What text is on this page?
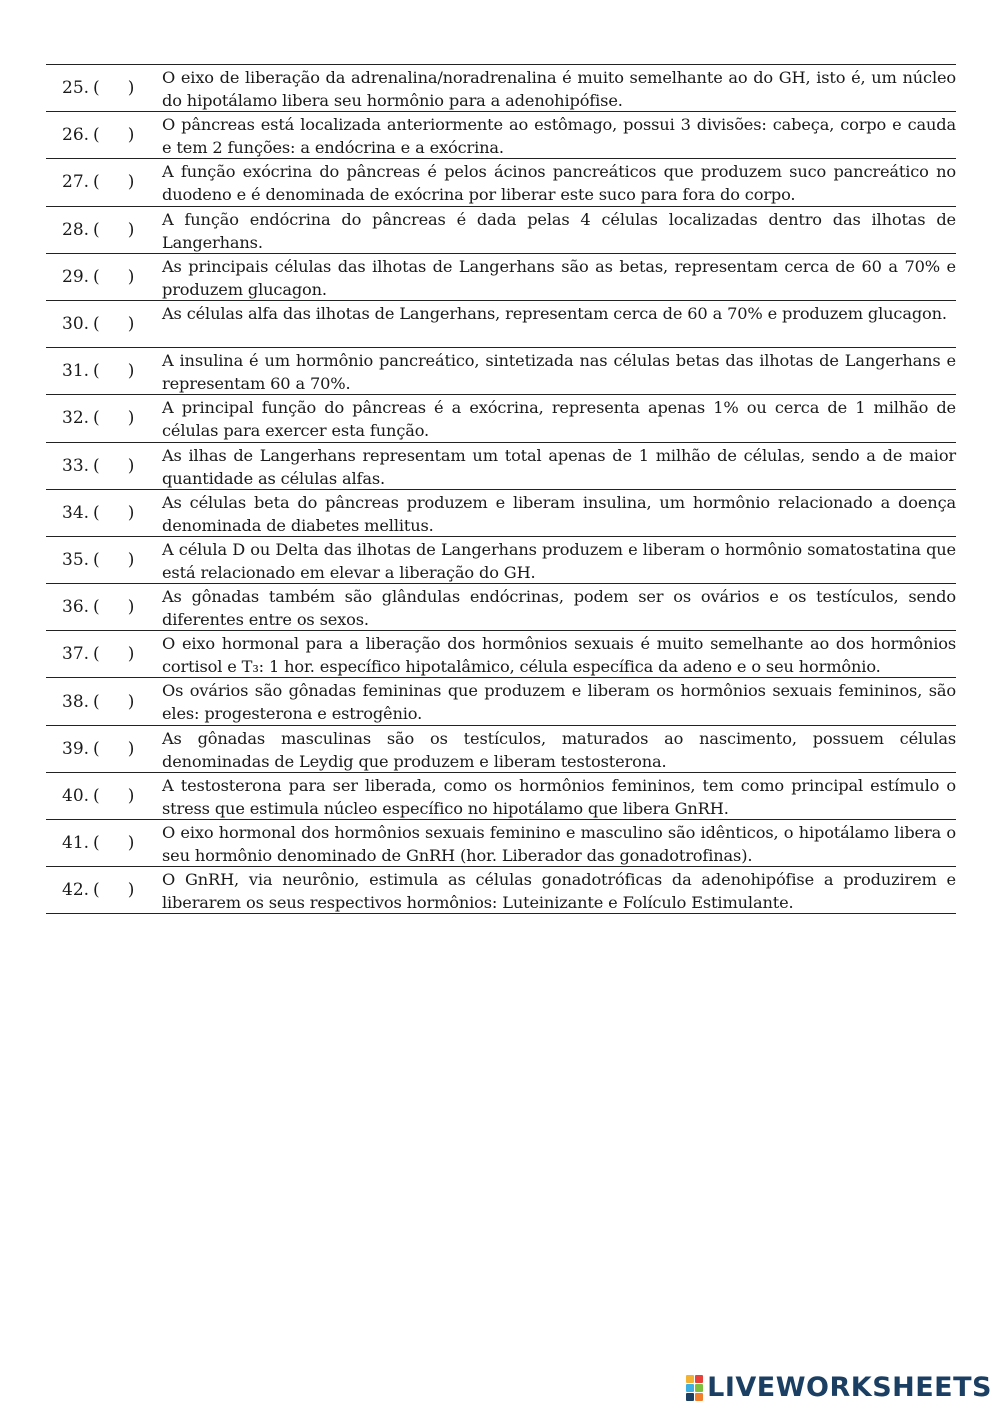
25. ( )
O eixo de liberação da adrenalina/noradrenalina é muito semelhante ao do GH, isto é, um núcleo do hipotálamo libera seu hormônio para a adenohipófise.
26. ( )
O pâncreas está localizada anteriormente ao estômago, possui 3 divisões: cabeça, corpo e cauda e tem 2 funções: a endócrina e a exócrina.
27. ( )
A função exócrina do pâncreas é pelos ácinos pancreáticos que produzem suco pancreático no duodeno e é denominada de exócrina por liberar este suco para fora do corpo.
28. ( )
A função endócrina do pâncreas é dada pelas 4 células localizadas dentro das ilhotas de Langerhans.
29. ( )
As principais células das ilhotas de Langerhans são as betas, representam cerca de 60 a 70% e produzem glucagon.
30. ( )
As células alfa das ilhotas de Langerhans, representam cerca de 60 a 70% e produzem glucagon.
31. ( )
A insulina é um hormônio pancreático, sintetizada nas células betas das ilhotas de Langerhans e representam 60 a 70%.
32. ( )
A principal função do pâncreas é a exócrina, representa apenas 1% ou cerca de 1 milhão de células para exercer esta função.
33. ( )
As ilhas de Langerhans representam um total apenas de 1 milhão de células, sendo a de maior quantidade as células alfas.
34. ( )
As células beta do pâncreas produzem e liberam insulina, um hormônio relacionado a doença denominada de diabetes mellitus.
35. ( )
A célula D ou Delta das ilhotas de Langerhans produzem e liberam o hormônio somatostatina que está relacionado em elevar a liberação do GH.
36. ( )
As gônadas também são glândulas endócrinas, podem ser os ovários e os testículos, sendo diferentes entre os sexos.
37. ( )
O eixo hormonal para a liberação dos hormônios sexuais é muito semelhante ao dos hormônios cortisol e T₃: 1 hor. específico hipotalâmico, célula específica da adeno e o seu hormônio.
38. ( )
Os ovários são gônadas femininas que produzem e liberam os hormônios sexuais femininos, são eles: progesterona e estrogênio.
39. ( )
As gônadas masculinas são os testículos, maturados ao nascimento, possuem células denominadas de Leydig que produzem e liberam testosterona.
40. ( )
A testosterona para ser liberada, como os hormônios femininos, tem como principal estímulo o stress que estimula núcleo específico no hipotálamo que libera GnRH.
41. ( )
O eixo hormonal dos hormônios sexuais feminino e masculino são idênticos, o hipotálamo libera o seu hormônio denominado de GnRH (hor. Liberador das gonadotrofinas).
42. ( )
O GnRH, via neurônio, estimula as células gonadotróficas da adenohipófise a produzirem e liberarem os seus respectivos hormônios: Luteinizante e Folículo Estimulante.
LIVEWORKSHEETS
